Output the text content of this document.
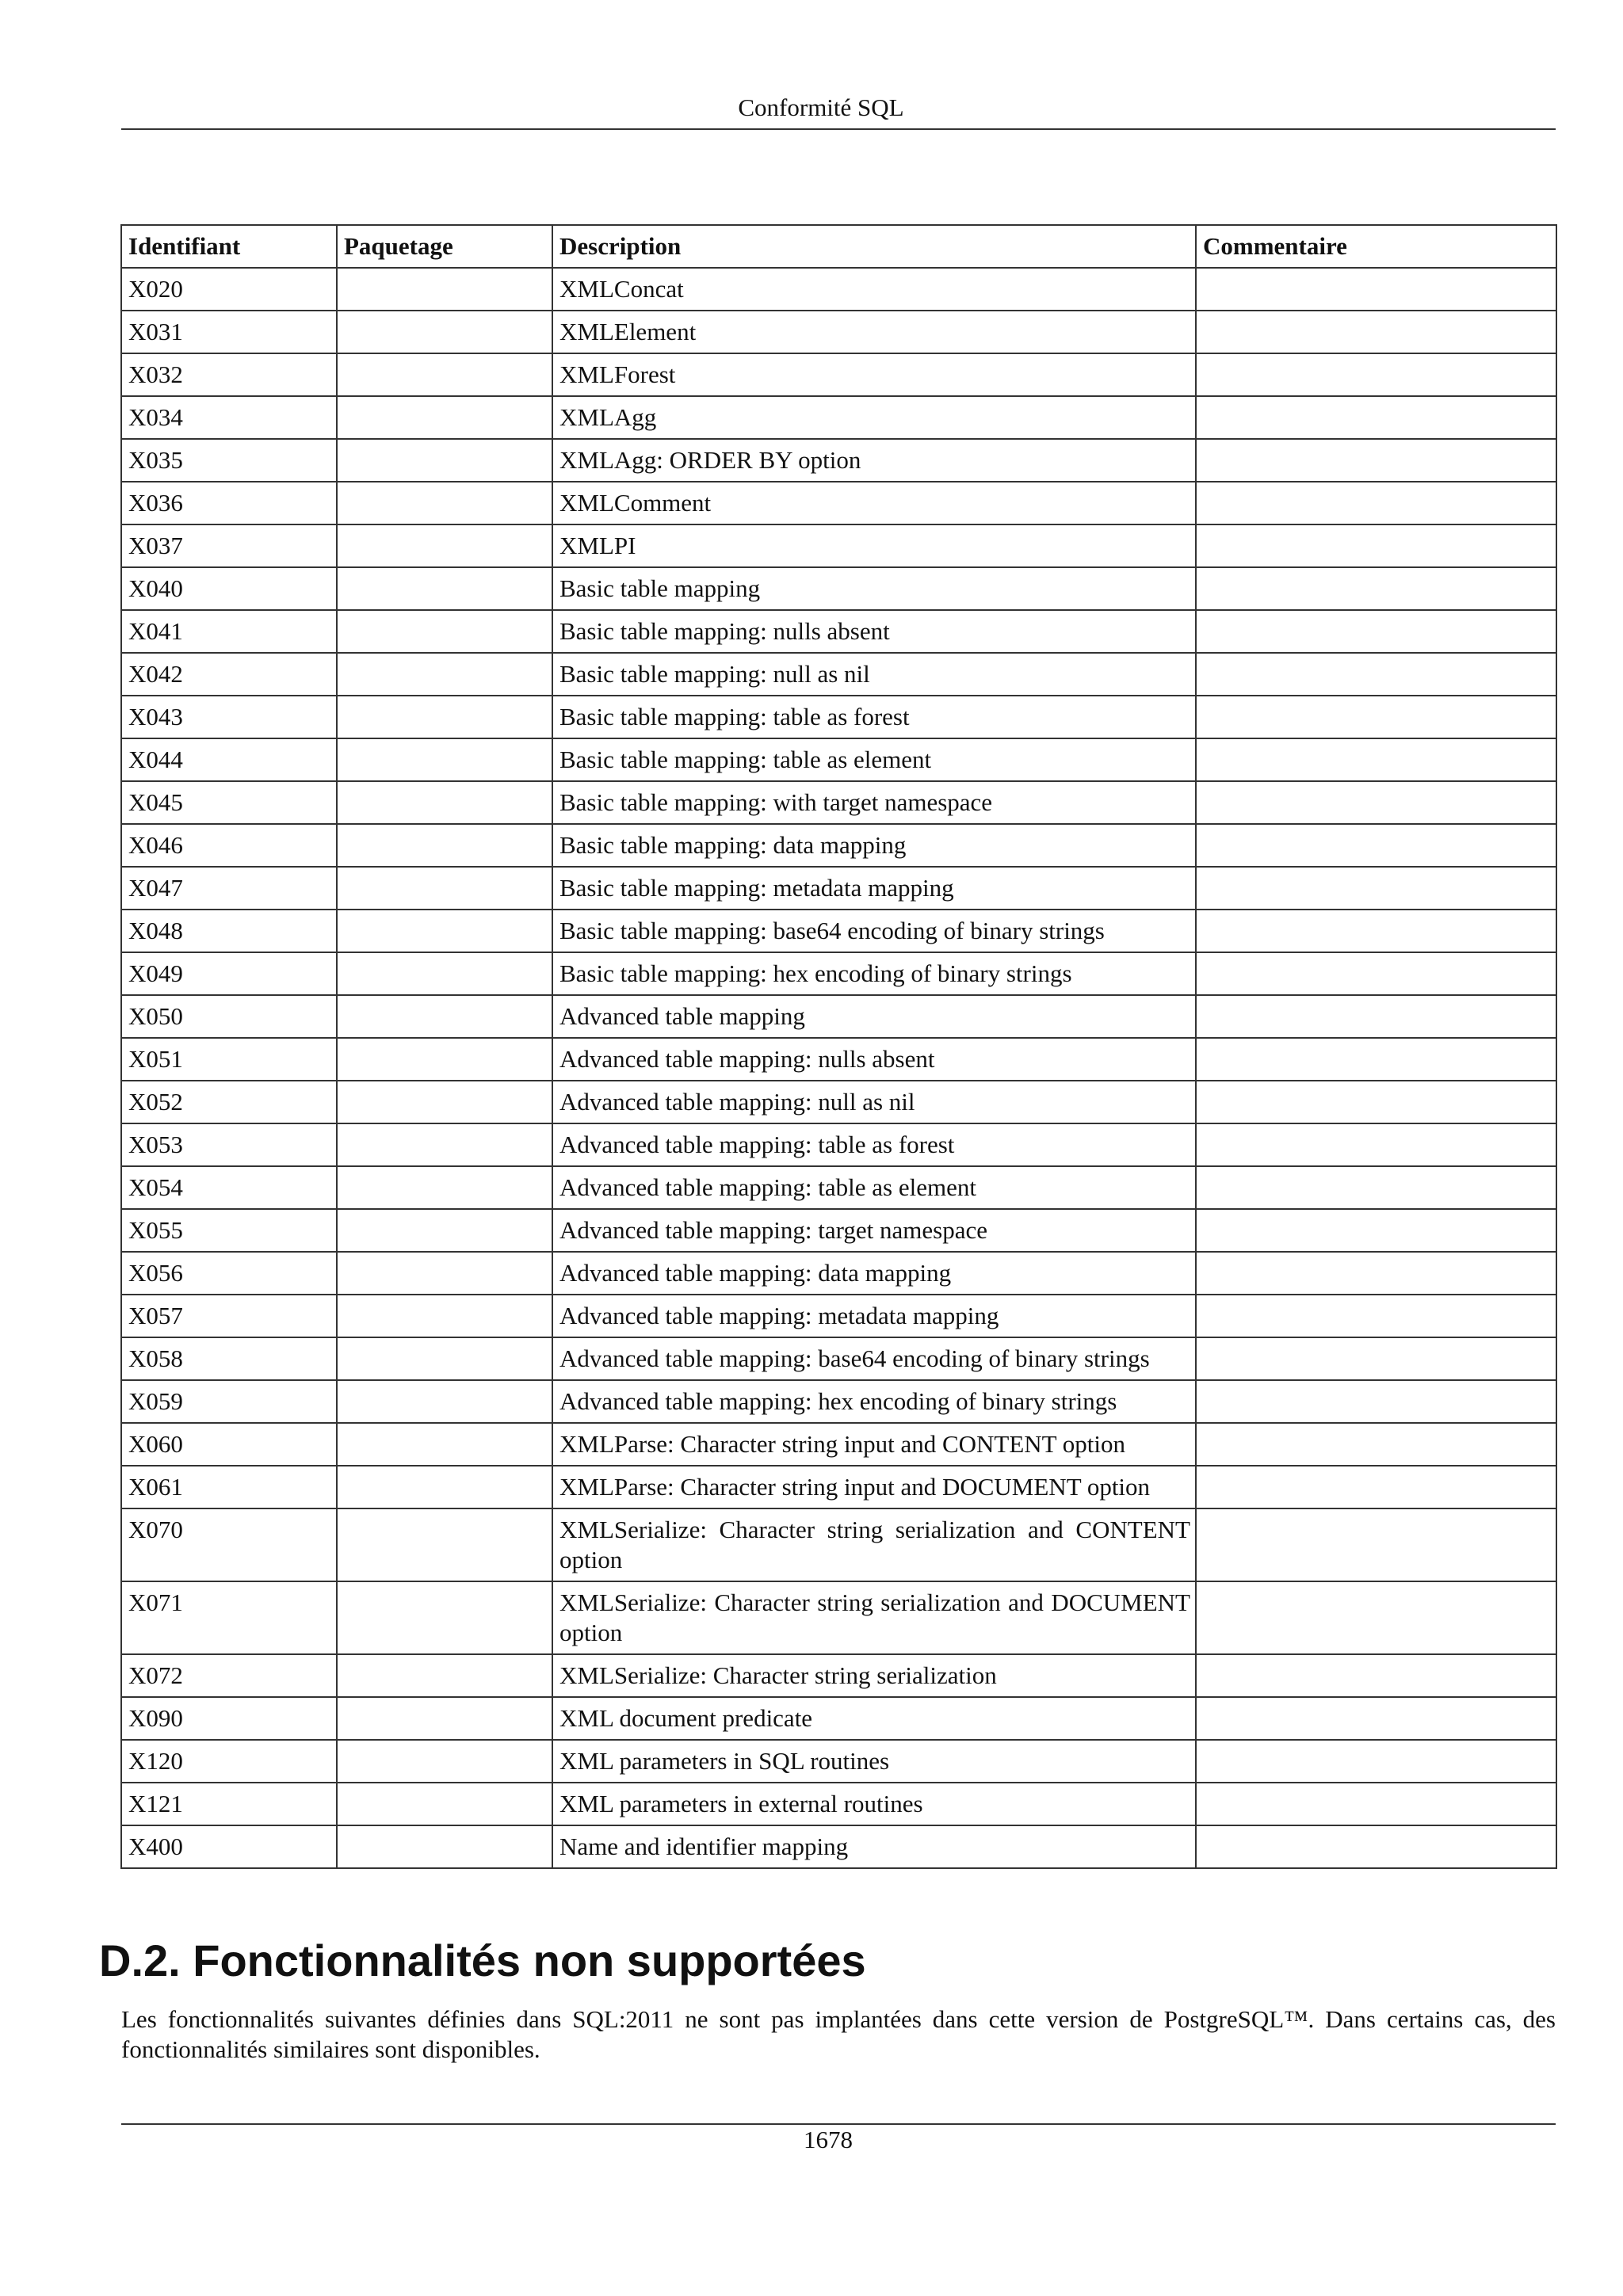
Conformité SQL
Identifiant	Paquetage	Description	Commentaire
X020		XMLConcat	
X031		XMLElement	
X032		XMLForest	
X034		XMLAgg	
X035		XMLAgg: ORDER BY option	
X036		XMLComment	
X037		XMLPI	
X040		Basic table mapping	
X041		Basic table mapping: nulls absent	
X042		Basic table mapping: null as nil	
X043		Basic table mapping: table as forest	
X044		Basic table mapping: table as element	
X045		Basic table mapping: with target namespace	
X046		Basic table mapping: data mapping	
X047		Basic table mapping: metadata mapping	
X048		Basic table mapping: base64 encoding of binary strings	
X049		Basic table mapping: hex encoding of binary strings	
X050		Advanced table mapping	
X051		Advanced table mapping: nulls absent	
X052		Advanced table mapping: null as nil	
X053		Advanced table mapping: table as forest	
X054		Advanced table mapping: table as element	
X055		Advanced table mapping: target namespace	
X056		Advanced table mapping: data mapping	
X057		Advanced table mapping: metadata mapping	
X058		Advanced table mapping: base64 encoding of binary strings	
X059		Advanced table mapping: hex encoding of binary strings	
X060		XMLParse: Character string input and CONTENT option	
X061		XMLParse: Character string input and DOCUMENT option	
X070		XMLSerialize: Character string serialization and CONTENT option	
X071		XMLSerialize: Character string serialization and DOCUMENT option	
X072		XMLSerialize: Character string serialization	
X090		XML document predicate	
X120		XML parameters in SQL routines	
X121		XML parameters in external routines	
X400		Name and identifier mapping	
D.2. Fonctionnalités non supportées
Les fonctionnalités suivantes définies dans SQL:2011 ne sont pas implantées dans cette version de PostgreSQL™. Dans certains cas, des fonctionnalités similaires sont disponibles.
1678
